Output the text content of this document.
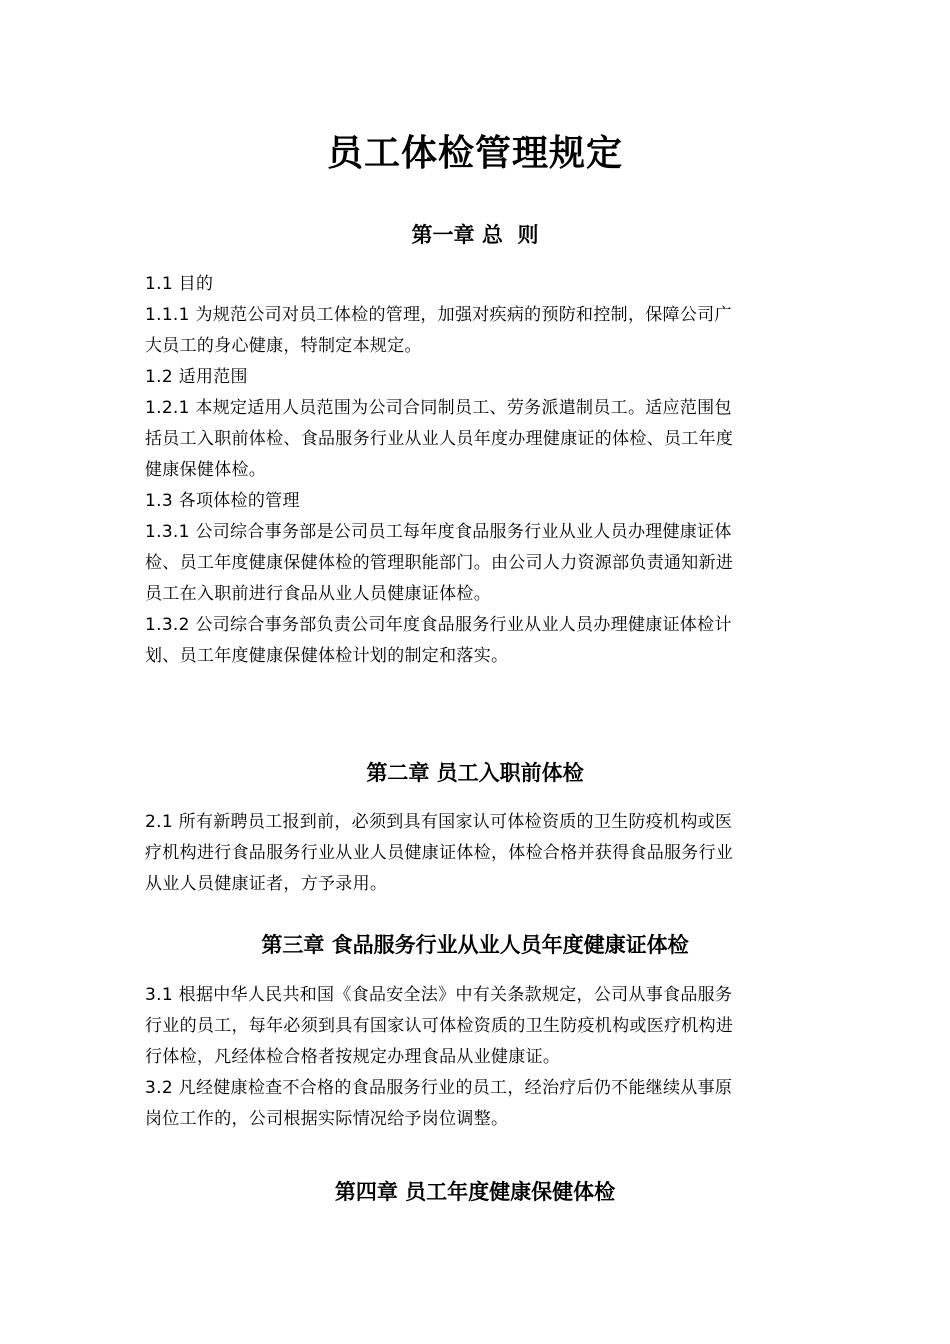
员工体检管理规定
第一章 总  则
1.1 目的
1.1.1 为规范公司对员工体检的管理，加强对疾病的预防和控制，保障公司广
大员工的身心健康，特制定本规定。
1.2 适用范围
1.2.1 本规定适用人员范围为公司合同制员工、劳务派遣制员工。适应范围包
括员工入职前体检、食品服务行业从业人员年度办理健康证的体检、员工年度
健康保健体检。
1.3 各项体检的管理
1.3.1 公司综合事务部是公司员工每年度食品服务行业从业人员办理健康证体
检、员工年度健康保健体检的管理职能部门。由公司人力资源部负责通知新进
员工在入职前进行食品从业人员健康证体检。
1.3.2 公司综合事务部负责公司年度食品服务行业从业人员办理健康证体检计
划、员工年度健康保健体检计划的制定和落实。
第二章 员工入职前体检
2.1 所有新聘员工报到前，必须到具有国家认可体检资质的卫生防疫机构或医
疗机构进行食品服务行业从业人员健康证体检，体检合格并获得食品服务行业
从业人员健康证者，方予录用。
第三章 食品服务行业从业人员年度健康证体检
3.1 根据中华人民共和国《食品安全法》中有关条款规定，公司从事食品服务
行业的员工，每年必须到具有国家认可体检资质的卫生防疫机构或医疗机构进
行体检，凡经体检合格者按规定办理食品从业健康证。
3.2 凡经健康检查不合格的食品服务行业的员工，经治疗后仍不能继续从事原
岗位工作的，公司根据实际情况给予岗位调整。
第四章 员工年度健康保健体检
